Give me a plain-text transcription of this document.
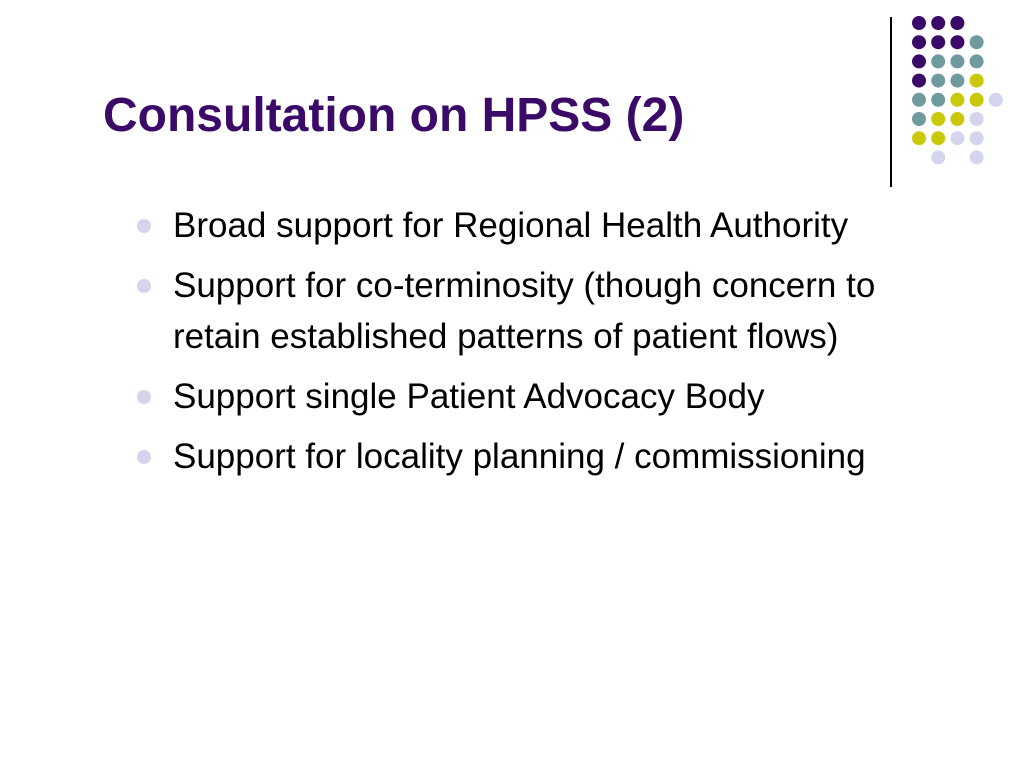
Consultation on HPSS (2)
Broad support for Regional Health Authority
Support for co-terminosity (though concern to retain established patterns of patient flows)
Support single Patient Advocacy Body
Support for locality planning / commissioning
